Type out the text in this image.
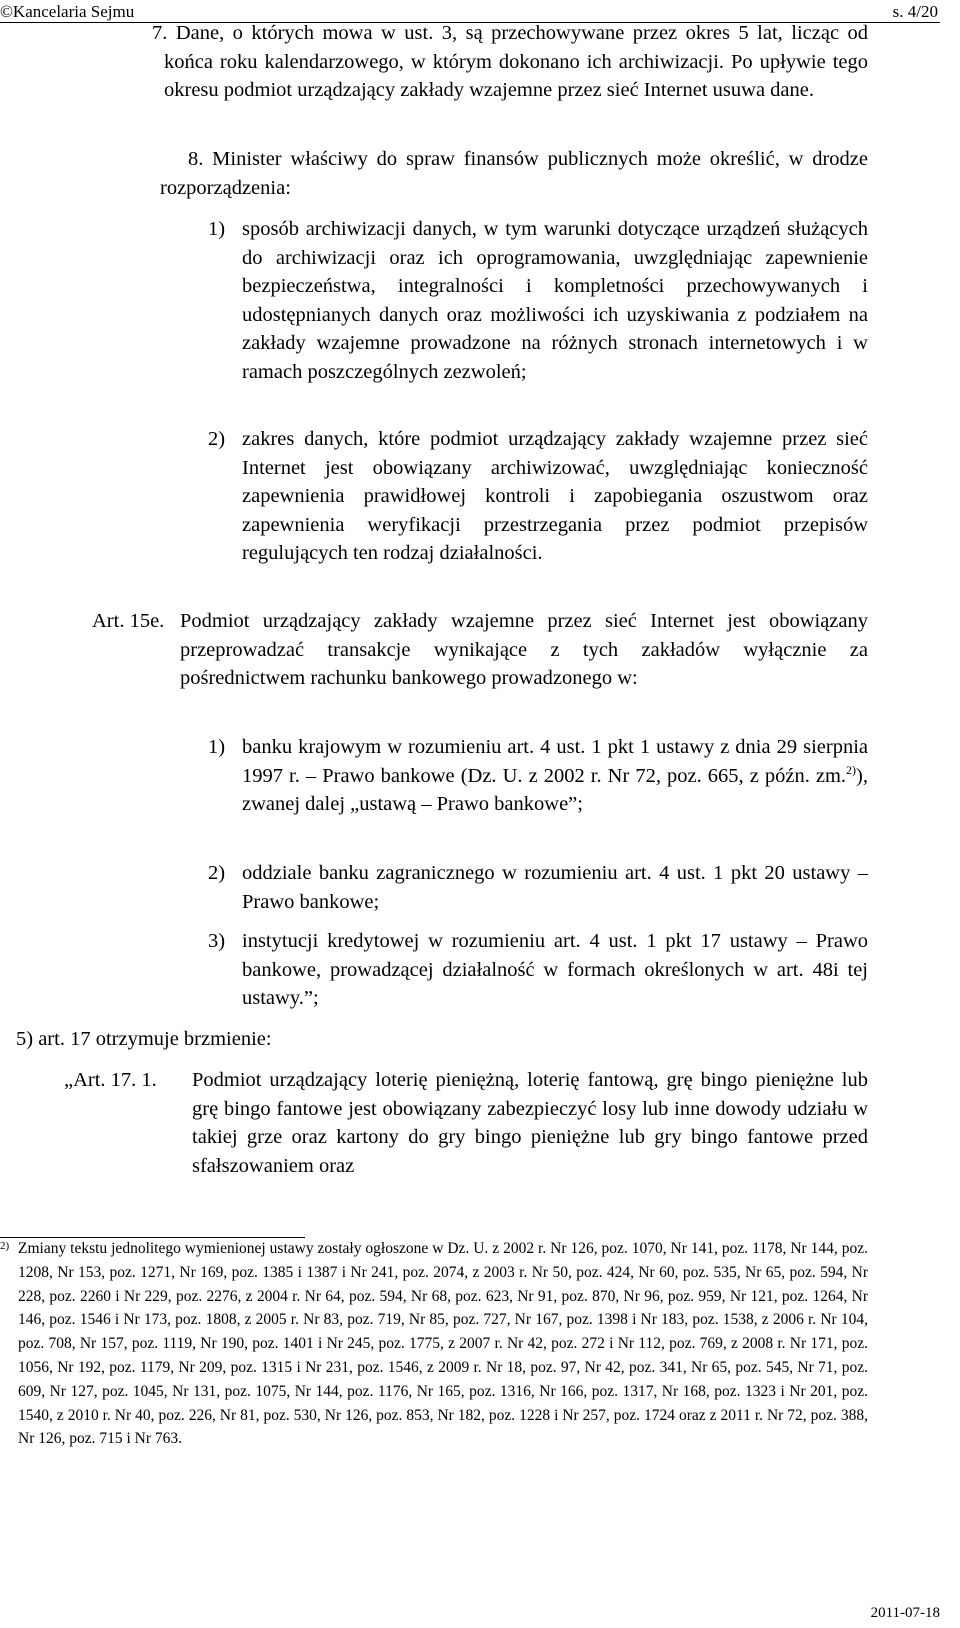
©Kancelaria Sejmu	s. 4/20

7. Dane, o których mowa w ust. 3, są przechowywane przez okres 5 lat, licząc od końca roku kalendarzowego, w którym dokonano ich archiwizacji. Po upływie tego okresu podmiot urządzający zakłady wzajemne przez sieć Internet usuwa dane.

8. Minister właściwy do spraw finansów publicznych może określić, w drodze rozporządzenia:

1) sposób archiwizacji danych, w tym warunki dotyczące urządzeń służących do archiwizacji oraz ich oprogramowania, uwzględniając zapewnienie bezpieczeństwa, integralności i kompletności przechowywanych i udostępnianych danych oraz możliwości ich uzyskiwania z podziałem na zakłady wzajemne prowadzone na różnych stronach internetowych i w ramach poszczególnych zezwoleń;

2) zakres danych, które podmiot urządzający zakłady wzajemne przez sieć Internet jest obowiązany archiwizować, uwzględniając konieczność zapewnienia prawidłowej kontroli i zapobiegania oszustwom oraz zapewnienia weryfikacji przestrzegania przez podmiot przepisów regulujących ten rodzaj działalności.

Art. 15e. Podmiot urządzający zakłady wzajemne przez sieć Internet jest obowiązany przeprowadzać transakcje wynikające z tych zakładów wyłącznie za pośrednictwem rachunku bankowego prowadzonego w:

1) banku krajowym w rozumieniu art. 4 ust. 1 pkt 1 ustawy z dnia 29 sierpnia 1997 r. – Prawo bankowe (Dz. U. z 2002 r. Nr 72, poz. 665, z późn. zm.$^{2)}$), zwanej dalej „ustawą – Prawo bankowe”;

2) oddziale banku zagranicznego w rozumieniu art. 4 ust. 1 pkt 20 ustawy – Prawo bankowe;

3) instytucji kredytowej w rozumieniu art. 4 ust. 1 pkt 17 ustawy – Prawo bankowe, prowadzącej działalność w formach określonych w art. 48i tej ustawy.”;

5) art. 17 otrzymuje brzmienie:

„Art. 17. 1. Podmiot urządzający loterię pieniężną, loterię fantową, grę bingo pieniężne lub grę bingo fantowe jest obowiązany zabezpieczyć losy lub inne dowody udziału w takiej grze oraz kartony do gry bingo pieniężne lub gry bingo fantowe przed sfałszowaniem oraz

2) Zmiany tekstu jednolitego wymienionej ustawy zostały ogłoszone w Dz. U. z 2002 r. Nr 126, poz. 1070, Nr 141, poz. 1178, Nr 144, poz. 1208, Nr 153, poz. 1271, Nr 169, poz. 1385 i 1387 i Nr 241, poz. 2074, z 2003 r. Nr 50, poz. 424, Nr 60, poz. 535, Nr 65, poz. 594, Nr 228, poz. 2260 i Nr 229, poz. 2276, z 2004 r. Nr 64, poz. 594, Nr 68, poz. 623, Nr 91, poz. 870, Nr 96, poz. 959, Nr 121, poz. 1264, Nr 146, poz. 1546 i Nr 173, poz. 1808, z 2005 r. Nr 83, poz. 719, Nr 85, poz. 727, Nr 167, poz. 1398 i Nr 183, poz. 1538, z 2006 r. Nr 104, poz. 708, Nr 157, poz. 1119, Nr 190, poz. 1401 i Nr 245, poz. 1775, z 2007 r. Nr 42, poz. 272 i Nr 112, poz. 769, z 2008 r. Nr 171, poz. 1056, Nr 192, poz. 1179, Nr 209, poz. 1315 i Nr 231, poz. 1546, z 2009 r. Nr 18, poz. 97, Nr 42, poz. 341, Nr 65, poz. 545, Nr 71, poz. 609, Nr 127, poz. 1045, Nr 131, poz. 1075, Nr 144, poz. 1176, Nr 165, poz. 1316, Nr 166, poz. 1317, Nr 168, poz. 1323 i Nr 201, poz. 1540, z 2010 r. Nr 40, poz. 226, Nr 81, poz. 530, Nr 126, poz. 853, Nr 182, poz. 1228 i Nr 257, poz. 1724 oraz z 2011 r. Nr 72, poz. 388, Nr 126, poz. 715 i Nr 763.

2011-07-18
